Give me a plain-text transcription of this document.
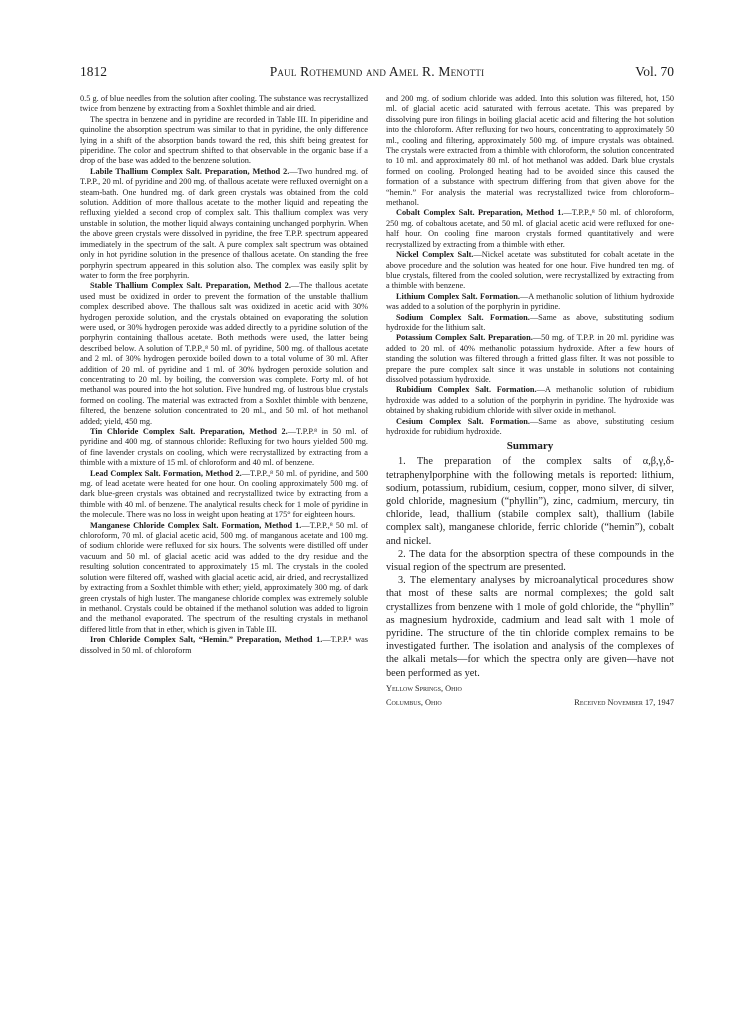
1812	Paul Rothemund and Amel R. Menotti	Vol. 70

0.5 g. of blue needles from the solution after cooling. The substance was recrystallized twice from benzene by extracting from a Soxhlet thimble and air dried.

The spectra in benzene and in pyridine are recorded in Table III. In piperidine and quinoline the absorption spectrum was similar to that in pyridine, the only difference lying in a shift of the absorption bands toward the red, this shift being greatest for piperidine. The color and spectrum shifted to that observable in the organic base if a drop of the base was added to the benzene solution.

Labile Thallium Complex Salt. Preparation, Method 2.—Two hundred mg. of T.P.P., 20 ml. of pyridine and 200 mg. of thallous acetate were refluxed overnight on a steam-bath. One hundred mg. of dark green crystals was obtained from the cold solution. Addition of more thallous acetate to the mother liquid and repeating the refluxing yielded a second crop of complex salt. This thallium complex was very unstable in solution, the mother liquid always containing unchanged porphyrin. When the above green crystals were dissolved in pyridine, the free T.P.P. spectrum appeared immediately in the spectrum of the salt. A pure complex salt spectrum was obtained only in hot pyridine solution in the presence of thallous acetate. On standing the free porphyrin spectrum appeared in this solution also. The complex was easily split by water to form the free porphyrin.

Stable Thallium Complex Salt. Preparation, Method 2.—The thallous acetate used must be oxidized in order to prevent the formation of the unstable thallium complex described above. The thallous salt was oxidized in acetic acid with 30% hydrogen peroxide solution, and the crystals obtained on evaporating the solution were used, or 30% hydrogen peroxide was added directly to a pyridine solution of the porphyrin containing thallous acetate. Both methods were used, the latter being described below. A solution of T.P.P.,⁸ 50 ml. of pyridine, 500 mg. of thallous acetate and 2 ml. of 30% hydrogen peroxide boiled down to a total volume of 30 ml. After addition of 20 ml. of pyridine and 1 ml. of 30% hydrogen peroxide solution and concentrating to 20 ml. by boiling, the conversion was complete. Forty ml. of hot methanol was poured into the hot solution. Five hundred mg. of lustrous blue crystals formed on cooling. The material was extracted from a Soxhlet thimble with benzene, filtered, the benzene solution concentrated to 20 ml., and 50 ml. of hot methanol added; yield, 450 mg.

Tin Chloride Complex Salt. Preparation, Method 2.—T.P.P.⁸ in 50 ml. of pyridine and 400 mg. of stannous chloride: Refluxing for two hours yielded 500 mg. of fine lavender crystals on cooling, which were recrystallized by extracting from a thimble with a mixture of 15 ml. of chloroform and 40 ml. of benzene.

Lead Complex Salt. Formation, Method 2.—T.P.P.,⁸ 50 ml. of pyridine, and 500 mg. of lead acetate were heated for one hour. On cooling approximately 500 mg. of dark blue-green crystals was obtained and recrystallized twice by extracting from a thimble with 40 ml. of benzene. The analytical results check for 1 mole of pyridine in the molecule. There was no loss in weight upon heating at 175° for eighteen hours.

Manganese Chloride Complex Salt. Formation, Method 1.—T.P.P.,⁸ 50 ml. of chloroform, 70 ml. of glacial acetic acid, 500 mg. of manganous acetate and 100 mg. of sodium chloride were refluxed for six hours. The solvents were distilled off under vacuum and 50 ml. of glacial acetic acid was added to the dry residue and the resulting solution concentrated to approximately 15 ml. The crystals in the cooled solution were filtered off, washed with glacial acetic acid, air dried, and recrystallized by extracting from a Soxhlet thimble with ether; yield, approximately 300 mg. of dark green crystals of high luster. The manganese chloride complex was extremely soluble in methanol. Crystals could be obtained if the methanol solution was added to ligroin and the methanol evaporated. The spectrum of the resulting crystals in methanol differed little from that in ether, which is given in Table III.

Iron Chloride Complex Salt, “Hemin.” Preparation, Method 1.—T.P.P.⁸ was dissolved in 50 ml. of chloroform

and 200 mg. of sodium chloride was added. Into this solution was filtered, hot, 150 ml. of glacial acetic acid saturated with ferrous acetate. This was prepared by dissolving pure iron filings in boiling glacial acetic acid and filtering the hot solution into the chloroform. After refluxing for two hours, concentrating to approximately 50 ml., cooling and filtering, approximately 500 mg. of impure crystals was obtained. The crystals were extracted from a thimble with chloroform, the solution concentrated to 10 ml. and approximately 80 ml. of hot methanol was added. Dark blue crystals formed on cooling. Prolonged heating had to be avoided since this caused the formation of a substance with spectrum differing from that given above for the “hemin.” For analysis the material was recrystallized twice from chloroform–methanol.

Cobalt Complex Salt. Preparation, Method 1.—T.P.P.,⁸ 50 ml. of chloroform, 250 mg. of cobaltous acetate, and 50 ml. of glacial acetic acid were refluxed for one-half hour. On cooling fine maroon crystals formed quantitatively and were recrystallized by extracting from a thimble with ether.

Nickel Complex Salt.—Nickel acetate was substituted for cobalt acetate in the above procedure and the solution was heated for one hour. Five hundred ten mg. of blue crystals, filtered from the cooled solution, were recrystallized by extracting from a thimble with benzene.

Lithium Complex Salt. Formation.—A methanolic solution of lithium hydroxide was added to a solution of the porphyrin in pyridine.

Sodium Complex Salt. Formation.—Same as above, substituting sodium hydroxide for the lithium salt.

Potassium Complex Salt. Preparation.—50 mg. of T.P.P. in 20 ml. pyridine was added to 20 ml. of 40% methanolic potassium hydroxide. After a few hours of standing the solution was filtered through a fritted glass filter. It was not possible to prepare the pure complex salt since it was unstable in solutions not containing dissolved potassium hydroxide.

Rubidium Complex Salt. Formation.—A methanolic solution of rubidium hydroxide was added to a solution of the porphyrin in pyridine. The hydroxide was obtained by shaking rubidium chloride with silver oxide in methanol.

Cesium Complex Salt. Formation.—Same as above, substituting cesium hydroxide for rubidium hydroxide.

Summary

1. The preparation of the complex salts of α,β,γ,δ-tetraphenylporphine with the following metals is reported: lithium, sodium, potassium, rubidium, cesium, copper, mono silver, di silver, gold chloride, magnesium (“phyllin”), zinc, cadmium, mercury, tin chloride, lead, thallium (stabile complex salt), thallium (labile complex salt), manganese chloride, ferric chloride (“hemin”), cobalt and nickel.

2. The data for the absorption spectra of these compounds in the visual region of the spectrum are presented.

3. The elementary analyses by microanalytical procedures show that most of these salts are normal complexes; the gold salt crystallizes from benzene with 1 mole of gold chloride, the “phyllin” as magnesium hydroxide, cadmium and lead salt with 1 mole of pyridine. The structure of the tin chloride complex remains to be investigated further. The isolation and analysis of the complexes of the alkali metals—for which the spectra only are given—have not been performed as yet.

Yellow Springs, Ohio
Columbus, Ohio	Received November 17, 1947
